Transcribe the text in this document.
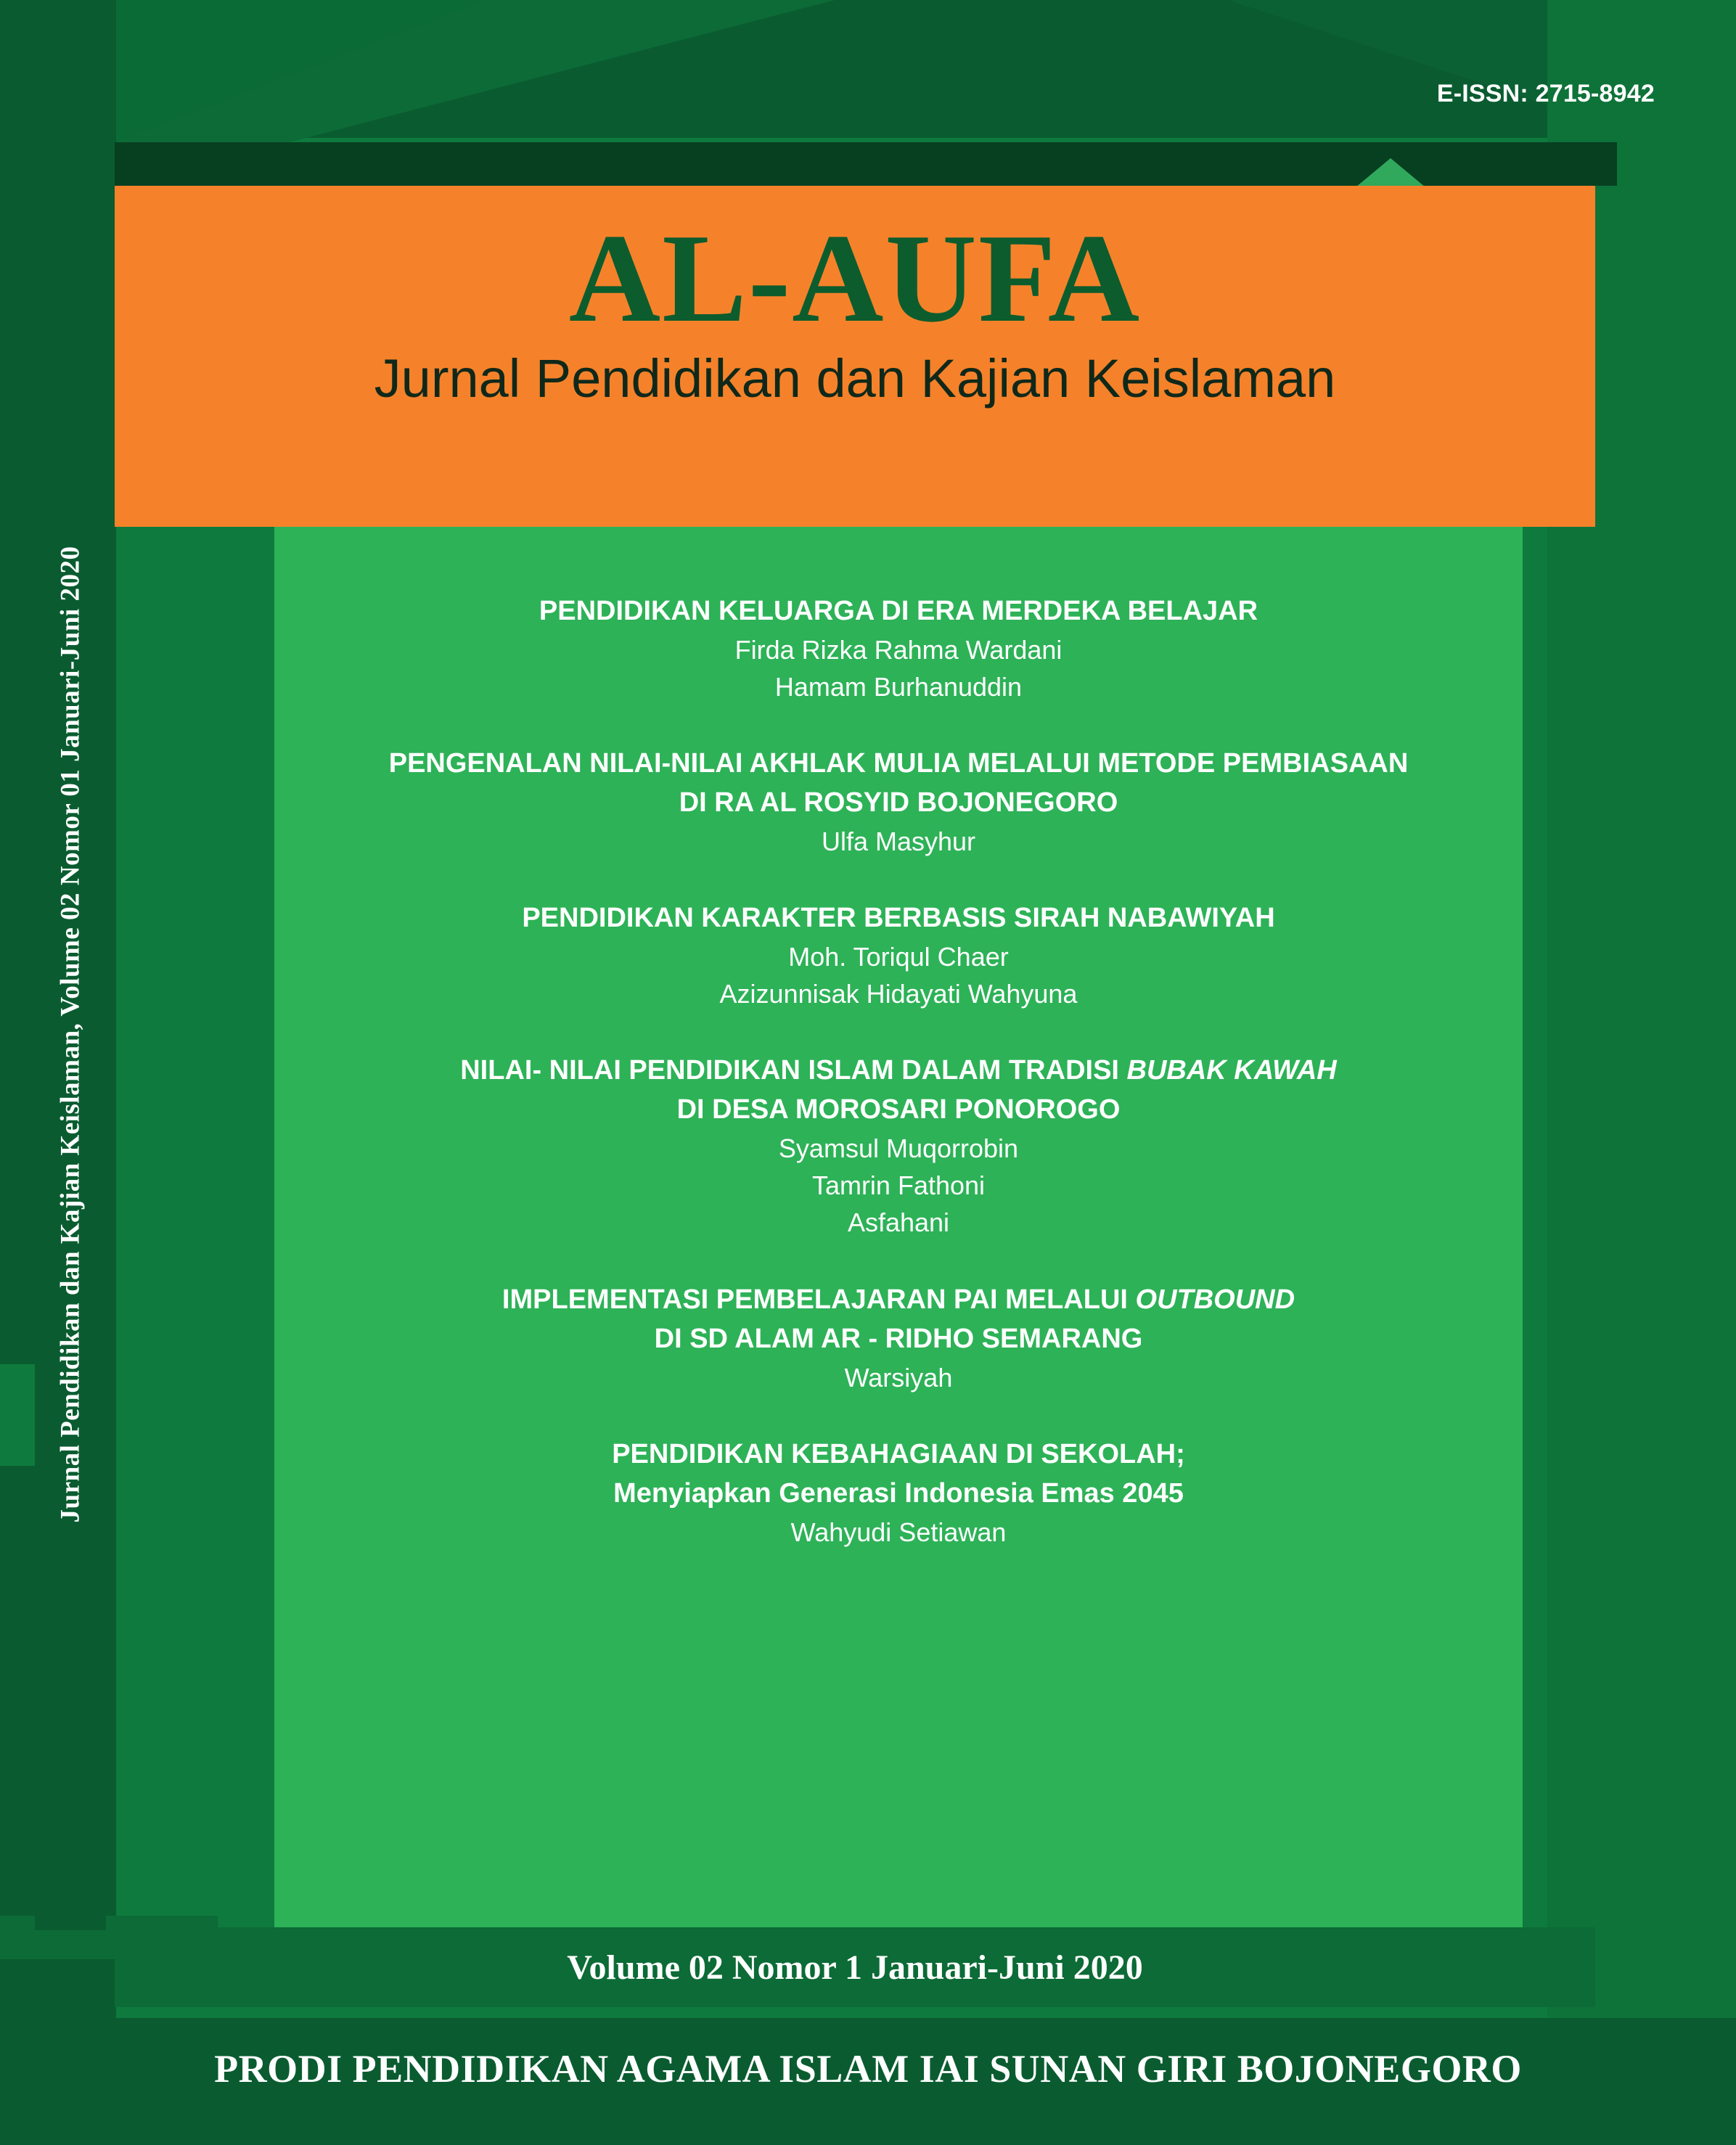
E-ISSN: 2715-8942
Jurnal Pendidikan dan Kajian Keislaman, Volume 02 Nomor 01 Januari-Juni 2020
AL-AUFA

Jurnal Pendidikan dan Kajian Keislaman

PENDIDIKAN KELUARGA DI ERA MERDEKA BELAJAR

Firda Rizka Rahma Wardani

Hamam Burhanuddin

PENGENALAN NILAI-NILAI AKHLAK MULIA MELALUI METODE PEMBIASAAN

DI RA AL ROSYID BOJONEGORO

Ulfa Masyhur

PENDIDIKAN KARAKTER BERBASIS SIRAH NABAWIYAH

Moh. Toriqul Chaer

Azizunnisak Hidayati Wahyuna

NILAI- NILAI PENDIDIKAN ISLAM DALAM TRADISI BUBAK KAWAH

DI DESA MOROSARI PONOROGO

Syamsul Muqorrobin

Tamrin Fathoni

Asfahani

IMPLEMENTASI PEMBELAJARAN PAI MELALUI OUTBOUND

DI SD ALAM AR - RIDHO SEMARANG

Warsiyah

PENDIDIKAN KEBAHAGIAAN DI SEKOLAH;

Menyiapkan Generasi Indonesia Emas 2045

Wahyudi Setiawan

Volume 02 Nomor 1 Januari-Juni 2020
PRODI PENDIDIKAN AGAMA ISLAM IAI SUNAN GIRI BOJONEGORO
